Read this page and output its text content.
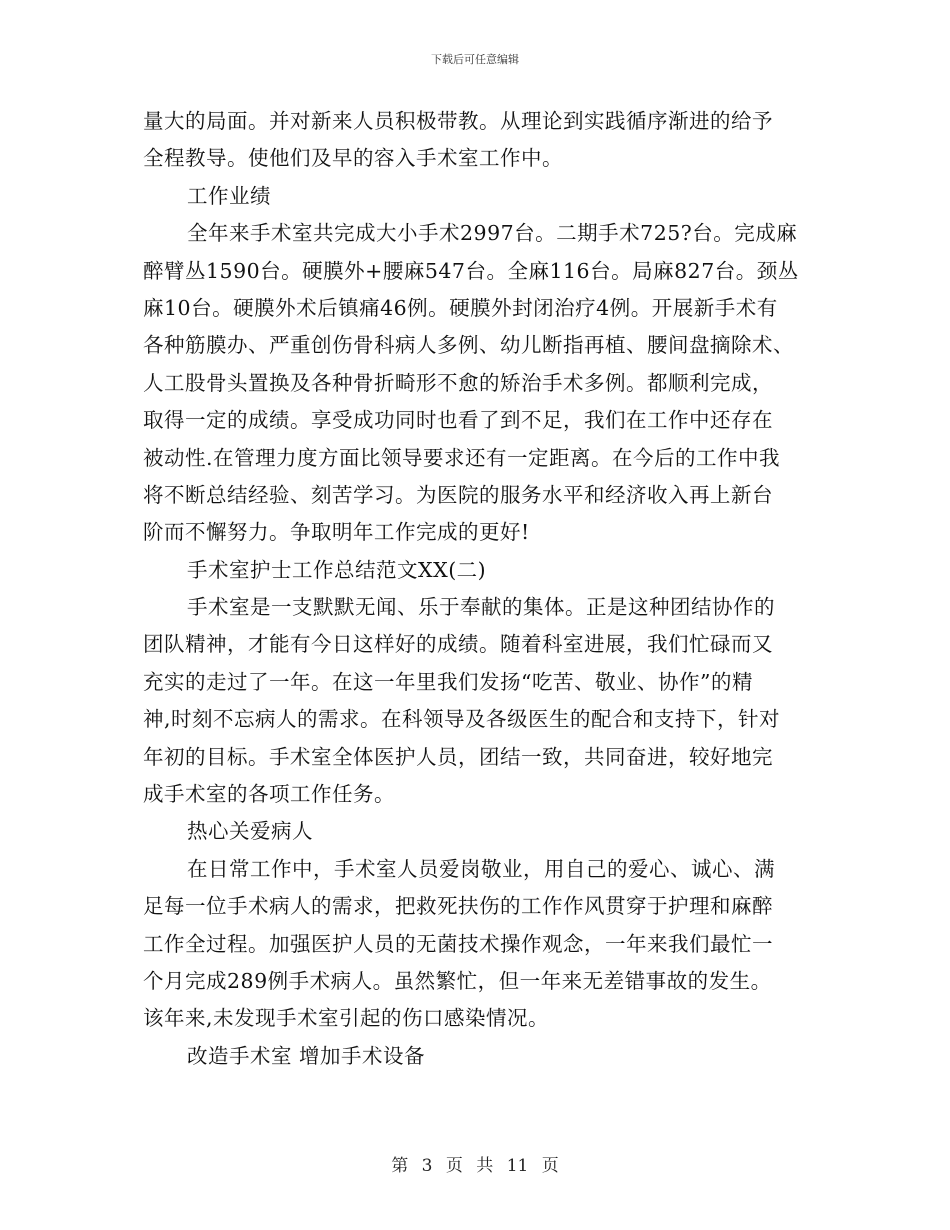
下载后可任意编辑
量大的局面。并对新来人员积极带教。从理论到实践循序渐进的给予
全程教导。使他们及早的容入手术室工作中。
工作业绩
全年来手术室共完成大小手术2997台。二期手术725?台。完成麻
醉臂丛1590台。硬膜外+腰麻547台。全麻116台。局麻827台。颈丛
麻10台。硬膜外术后镇痛46例。硬膜外封闭治疗4例。开展新手术有
各种筋膜办、严重创伤骨科病人多例、幼儿断指再植、腰间盘摘除术、
人工股骨头置换及各种骨折畸形不愈的矫治手术多例。都顺利完成，
取得一定的成绩。享受成功同时也看了到不足，我们在工作中还存在
被动性.在管理力度方面比领导要求还有一定距离。在今后的工作中我
将不断总结经验、刻苦学习。为医院的服务水平和经济收入再上新台
阶而不懈努力。争取明年工作完成的更好!
手术室护士工作总结范文XX(二)
手术室是一支默默无闻、乐于奉献的集体。正是这种团结协作的
团队精神，才能有今日这样好的成绩。随着科室进展，我们忙碌而又
充实的走过了一年。在这一年里我们发扬“吃苦、敬业、协作”的精
神,时刻不忘病人的需求。在科领导及各级医生的配合和支持下，针对
年初的目标。手术室全体医护人员，团结一致，共同奋进，较好地完
成手术室的各项工作任务。
热心关爱病人
在日常工作中，手术室人员爱岗敬业，用自己的爱心、诚心、满
足每一位手术病人的需求，把救死扶伤的工作作风贯穿于护理和麻醉
工作全过程。加强医护人员的无菌技术操作观念，一年来我们最忙一
个月完成289例手术病人。虽然繁忙，但一年来无差错事故的发生。
该年来,未发现手术室引起的伤口感染情况。
改造手术室 增加手术设备
第 3 页 共 11 页
